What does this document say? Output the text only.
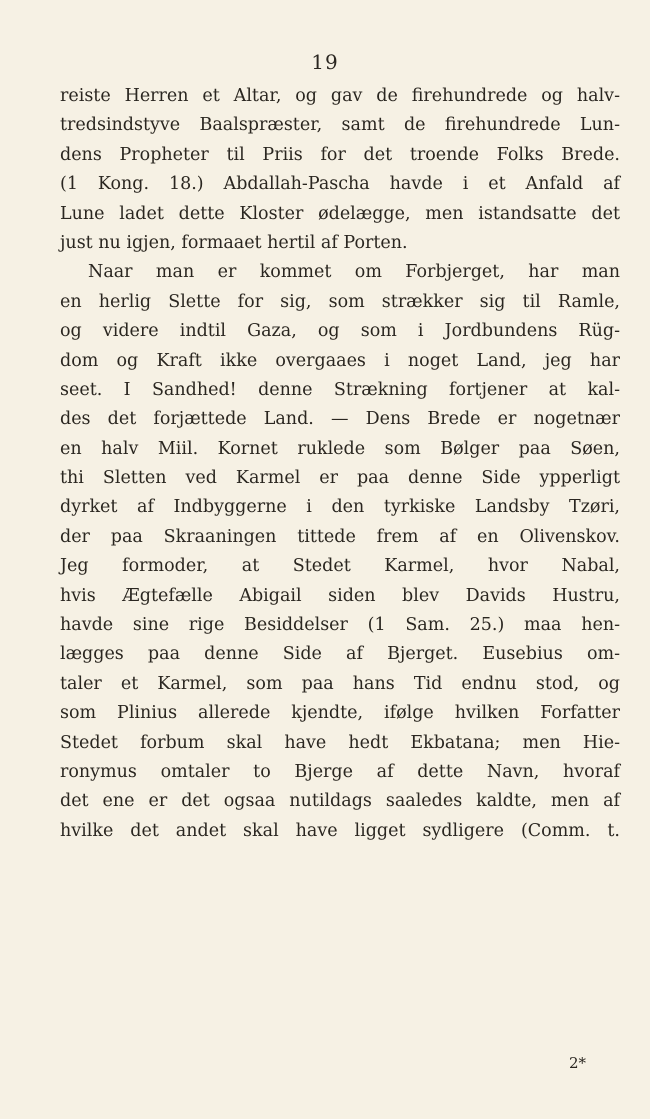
19
reiste Herren et Altar, og gav de firehundrede og halv-
tredsindstyve Baalspræster, samt de firehundrede Lun-
dens Propheter til Priis for det troende Folks Brede.
(1 Kong. 18.) Abdallah-Pascha havde i et Anfald af
Lune ladet dette Kloster ødelægge, men istandsatte det
just nu igjen, formaaet hertil af Porten.
Naar man er kommet om Forbjerget, har man
en herlig Slette for sig, som strækker sig til Ramle,
og videre indtil Gaza, og som i Jordbundens Rüg-
dom og Kraft ikke overgaaes i noget Land, jeg har
seet. I Sandhed! denne Strækning fortjener at kal-
des det forjættede Land. — Dens Brede er nogetnær
en halv Miil. Kornet ruklede som Bølger paa Søen,
thi Sletten ved Karmel er paa denne Side ypperligt
dyrket af Indbyggerne i den tyrkiske Landsby Tzøri,
der paa Skraaningen tittede frem af en Olivenskov.
Jeg formoder, at Stedet Karmel, hvor Nabal,
hvis Ægtefælle Abigail siden blev Davids Hustru,
havde sine rige Besiddelser (1 Sam. 25.) maa hen-
lægges paa denne Side af Bjerget. Eusebius om-
taler et Karmel, som paa hans Tid endnu stod, og
som Plinius allerede kjendte, ifølge hvilken Forfatter
Stedet forbum skal have hedt Ekbatana; men Hie-
ronymus omtaler to Bjerge af dette Navn, hvoraf
det ene er det ogsaa nutildags saaledes kaldte, men af
hvilke det andet skal have ligget sydligere (Comm. t.
2*
